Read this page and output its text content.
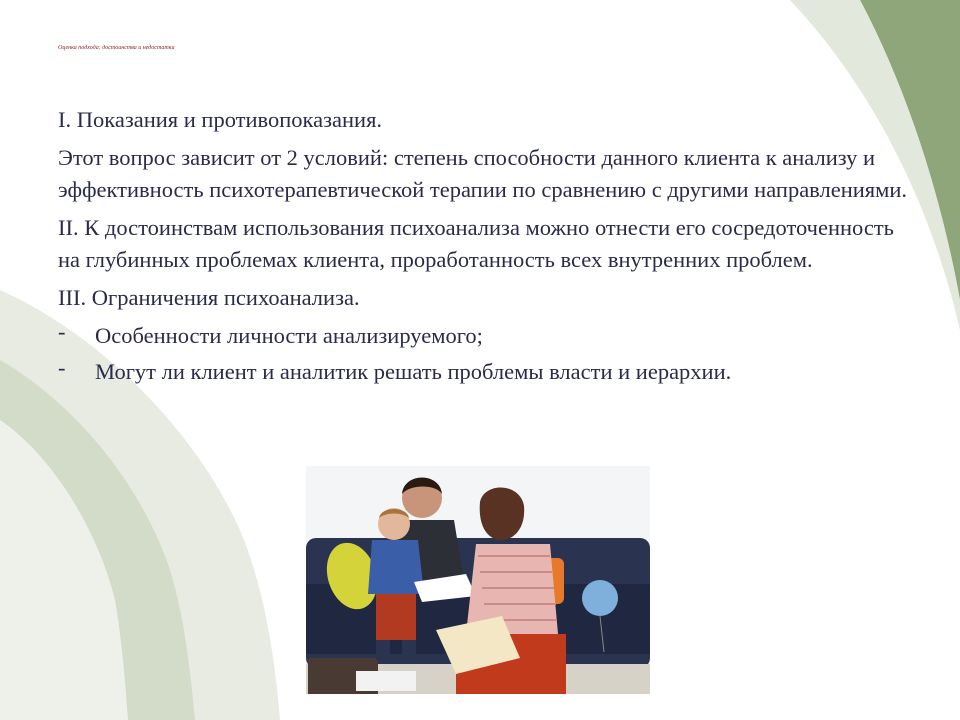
Оценка подхода: достоинства и недостатки

I. Показания и противопоказания.

Этот вопрос зависит от 2 условий: степень способности данного клиента к анализу и эффективность психотерапевтической терапии по сравнению с другими направлениями.

II. К достоинствам использования психоанализа можно отнести его сосредоточенность на глубинных проблемах клиента, проработанность всех внутренних проблем.

III. Ограничения психоанализа.

- Особенности личности анализируемого;

- Могут ли клиент и аналитик решать проблемы власти и иерархии.
